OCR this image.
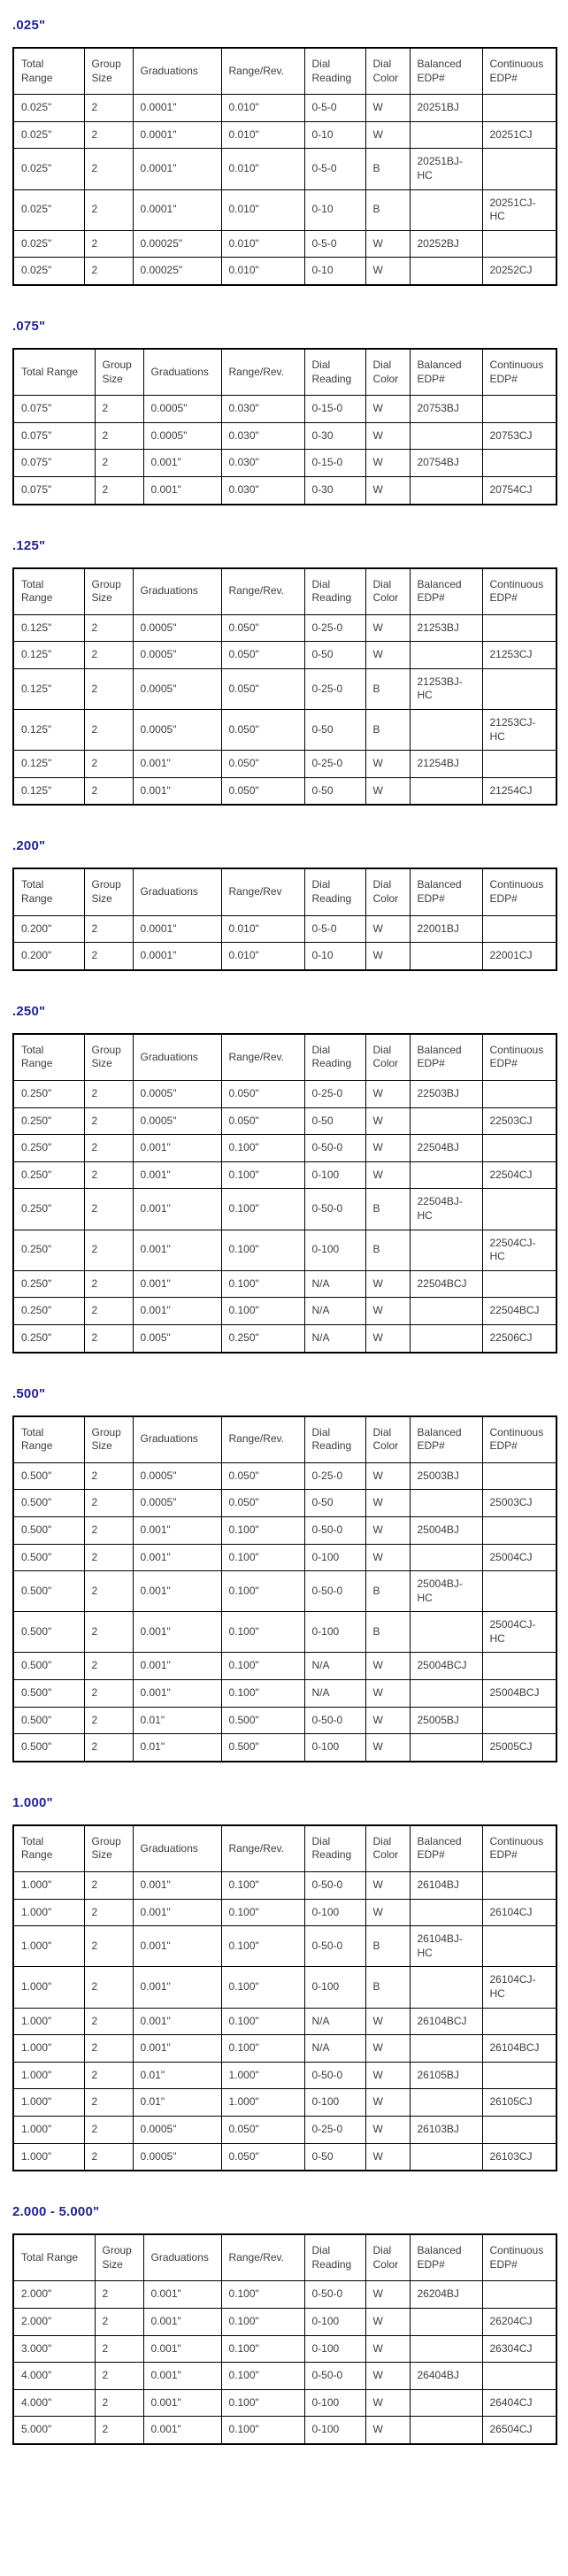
.025"
Total Range	Group Size	Graduations	Range/Rev.	Dial Reading	Dial Color	Balanced EDP#	Continuous EDP#
0.025"	2	0.0001"	0.010"	0-5-0	W	20251BJ	
0.025"	2	0.0001"	0.010"	0-10	W		20251CJ
0.025"	2	0.0001"	0.010"	0-5-0	B	20251BJ-HC	
0.025"	2	0.0001"	0.010"	0-10	B		20251CJ-HC
0.025"	2	0.00025"	0.010"	0-5-0	W	20252BJ	
0.025"	2	0.00025"	0.010"	0-10	W		20252CJ
.075"
Total Range	Group Size	Graduations	Range/Rev.	Dial Reading	Dial Color	Balanced EDP#	Continuous EDP#
0.075"	2	0.0005"	0.030"	0-15-0	W	20753BJ	
0.075"	2	0.0005"	0.030"	0-30	W		20753CJ
0.075"	2	0.001"	0.030"	0-15-0	W	20754BJ	
0.075"	2	0.001"	0.030"	0-30	W		20754CJ
.125"
Total Range	Group Size	Graduations	Range/Rev.	Dial Reading	Dial Color	Balanced EDP#	Continuous EDP#
0.125"	2	0.0005"	0.050"	0-25-0	W	21253BJ	
0.125"	2	0.0005"	0.050"	0-50	W		21253CJ
0.125"	2	0.0005"	0.050"	0-25-0	B	21253BJ-HC	
0.125"	2	0.0005"	0.050"	0-50	B		21253CJ-HC
0.125"	2	0.001"	0.050"	0-25-0	W	21254BJ	
0.125"	2	0.001"	0.050"	0-50	W		21254CJ
.200"
Total Range	Group Size	Graduations	Range/Rev	Dial Reading	Dial Color	Balanced EDP#	Continuous EDP#
0.200"	2	0.0001"	0.010"	0-5-0	W	22001BJ	
0.200"	2	0.0001"	0.010"	0-10	W		22001CJ
.250"
Total Range	Group Size	Graduations	Range/Rev.	Dial Reading	Dial Color	Balanced EDP#	Continuous EDP#
0.250"	2	0.0005"	0.050"	0-25-0	W	22503BJ	
0.250"	2	0.0005"	0.050"	0-50	W		22503CJ
0.250"	2	0.001"	0.100"	0-50-0	W	22504BJ	
0.250"	2	0.001"	0.100"	0-100	W		22504CJ
0.250"	2	0.001"	0.100"	0-50-0	B	22504BJ-HC	
0.250"	2	0.001"	0.100"	0-100	B		22504CJ-HC
0.250"	2	0.001"	0.100"	N/A	W	22504BCJ	
0.250"	2	0.001"	0.100"	N/A	W		22504BCJ
0.250"	2	0.005"	0.250"	N/A	W		22506CJ
.500"
Total Range	Group Size	Graduations	Range/Rev.	Dial Reading	Dial Color	Balanced EDP#	Continuous EDP#
0.500"	2	0.0005"	0.050"	0-25-0	W	25003BJ	
0.500"	2	0.0005"	0.050"	0-50	W		25003CJ
0.500"	2	0.001"	0.100"	0-50-0	W	25004BJ	
0.500"	2	0.001"	0.100"	0-100	W		25004CJ
0.500"	2	0.001"	0.100"	0-50-0	B	25004BJ-HC	
0.500"	2	0.001"	0.100"	0-100	B		25004CJ-HC
0.500"	2	0.001"	0.100"	N/A	W	25004BCJ	
0.500"	2	0.001"	0.100"	N/A	W		25004BCJ
0.500"	2	0.01"	0.500"	0-50-0	W	25005BJ	
0.500"	2	0.01"	0.500"	0-100	W		25005CJ
1.000"
Total Range	Group Size	Graduations	Range/Rev.	Dial Reading	Dial Color	Balanced EDP#	Continuous EDP#
1.000"	2	0.001"	0.100"	0-50-0	W	26104BJ	
1.000"	2	0.001"	0.100"	0-100	W		26104CJ
1.000"	2	0.001"	0.100"	0-50-0	B	26104BJ-HC	
1.000"	2	0.001"	0.100"	0-100	B		26104CJ-HC
1.000"	2	0.001"	0.100"	N/A	W	26104BCJ	
1.000"	2	0.001"	0.100"	N/A	W		26104BCJ
1.000"	2	0.01"	1.000"	0-50-0	W	26105BJ	
1.000"	2	0.01"	1.000"	0-100	W		26105CJ
1.000"	2	0.0005"	0.050"	0-25-0	W	26103BJ	
1.000"	2	0.0005"	0.050"	0-50	W		26103CJ
2.000 - 5.000"
Total Range	Group Size	Graduations	Range/Rev.	Dial Reading	Dial Color	Balanced EDP#	Continuous EDP#
2.000"	2	0.001"	0.100"	0-50-0	W	26204BJ	
2.000"	2	0.001"	0.100"	0-100	W		26204CJ
3.000"	2	0.001"	0.100"	0-100	W		26304CJ
4.000"	2	0.001"	0.100"	0-50-0	W	26404BJ	
4.000"	2	0.001"	0.100"	0-100	W		26404CJ
5.000"	2	0.001"	0.100"	0-100	W		26504CJ
